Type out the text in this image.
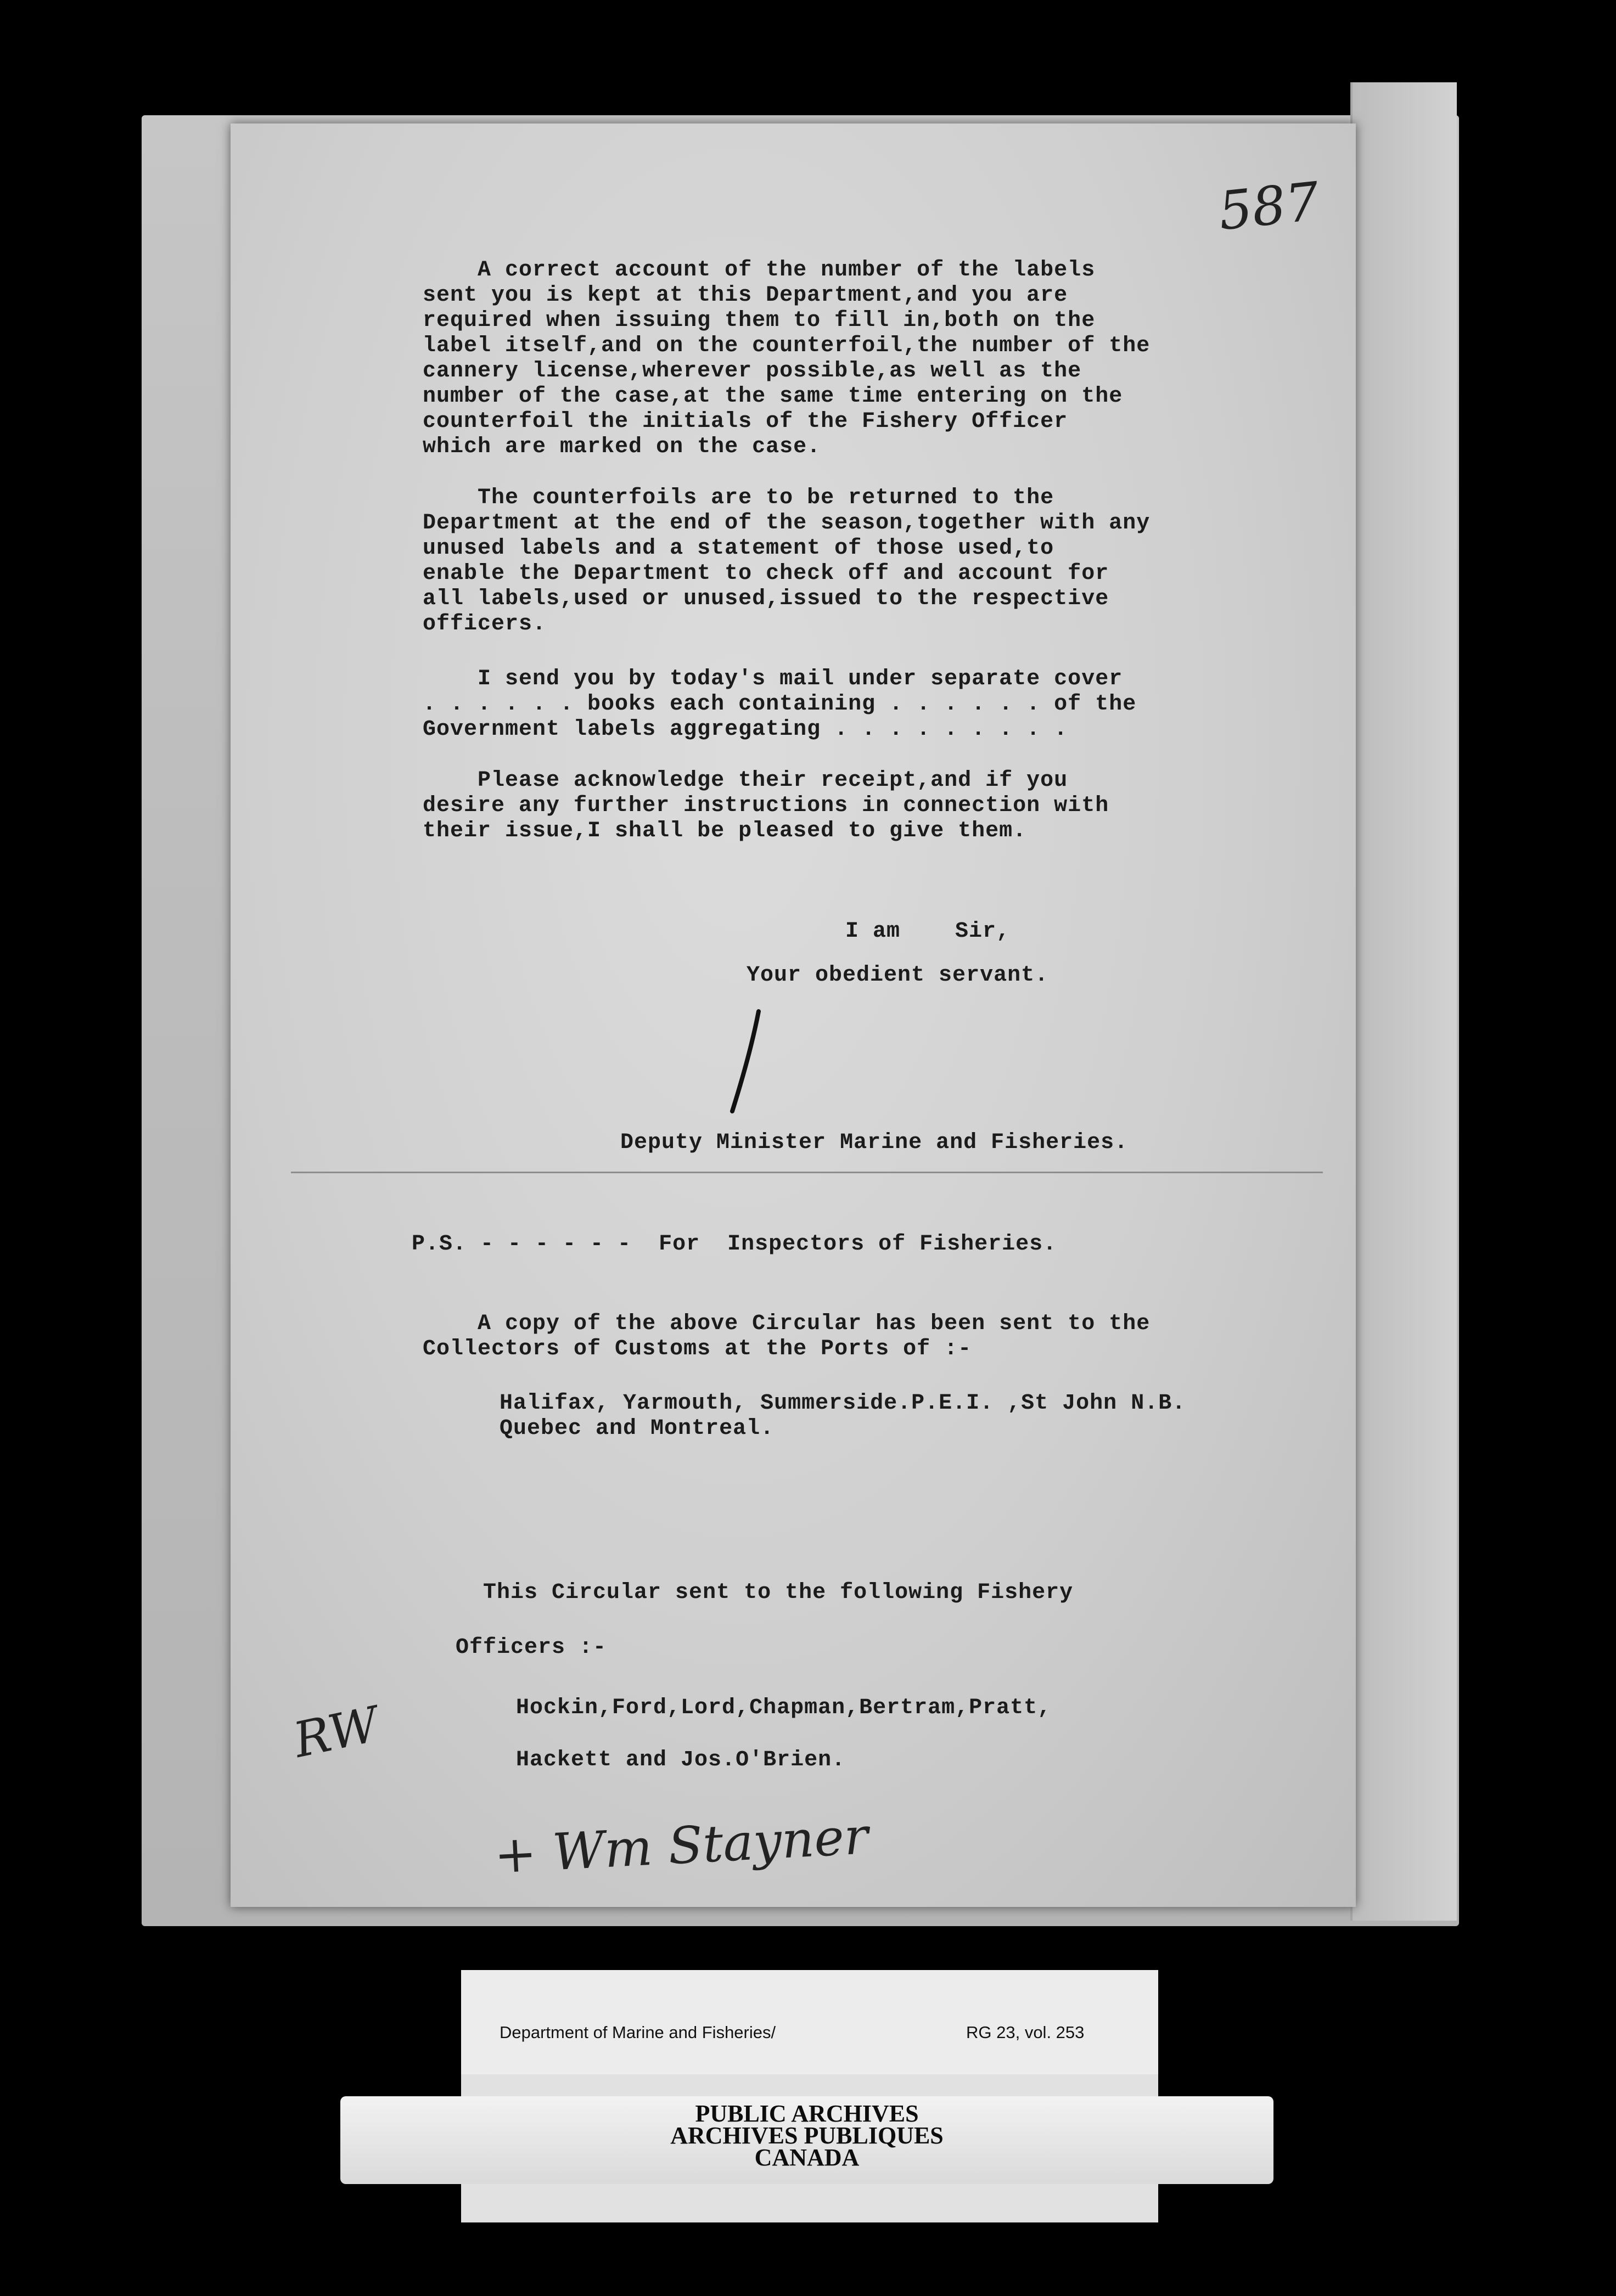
587

A correct account of the number of the labels
sent you is kept at this Department,and you are
required when issuing them to fill in,both on the
label itself,and on the counterfoil,the number of the
cannery license,wherever possible,as well as the
number of the case,at the same time entering on the
counterfoil the initials of the Fishery Officer
which are marked on the case.

The counterfoils are to be returned to the
Department at the end of the season,together with any
unused labels and a statement of those used,to
enable the Department to check off and account for
all labels,used or unused,issued to the respective
officers.

I send you by today's mail under separate cover
. . . . . . books each containing . . . . . . of the
Government labels aggregating . . . . . . . . .

Please acknowledge their receipt,and if you
desire any further instructions in connection with
their issue,I shall be pleased to give them.

I am    Sir,

Your obedient servant.

Deputy Minister Marine and Fisheries.

P.S. - - - - - -  For  Inspectors of Fisheries.

A copy of the above Circular has been sent to the
Collectors of Customs at the Ports of :-

Halifax, Yarmouth, Summerside.P.E.I. ,St John N.B.
Quebec and Montreal.

This Circular sent to the following Fishery

Officers :-

Hockin,Ford,Lord,Chapman,Bertram,Pratt,

Hackett and Jos.O'Brien.

RW
+ Wm Stayner

Department of Marine and Fisheries/

	RG 23, vol. 253

PUBLIC ARCHIVES
ARCHIVES PUBLIQUES
CANADA
